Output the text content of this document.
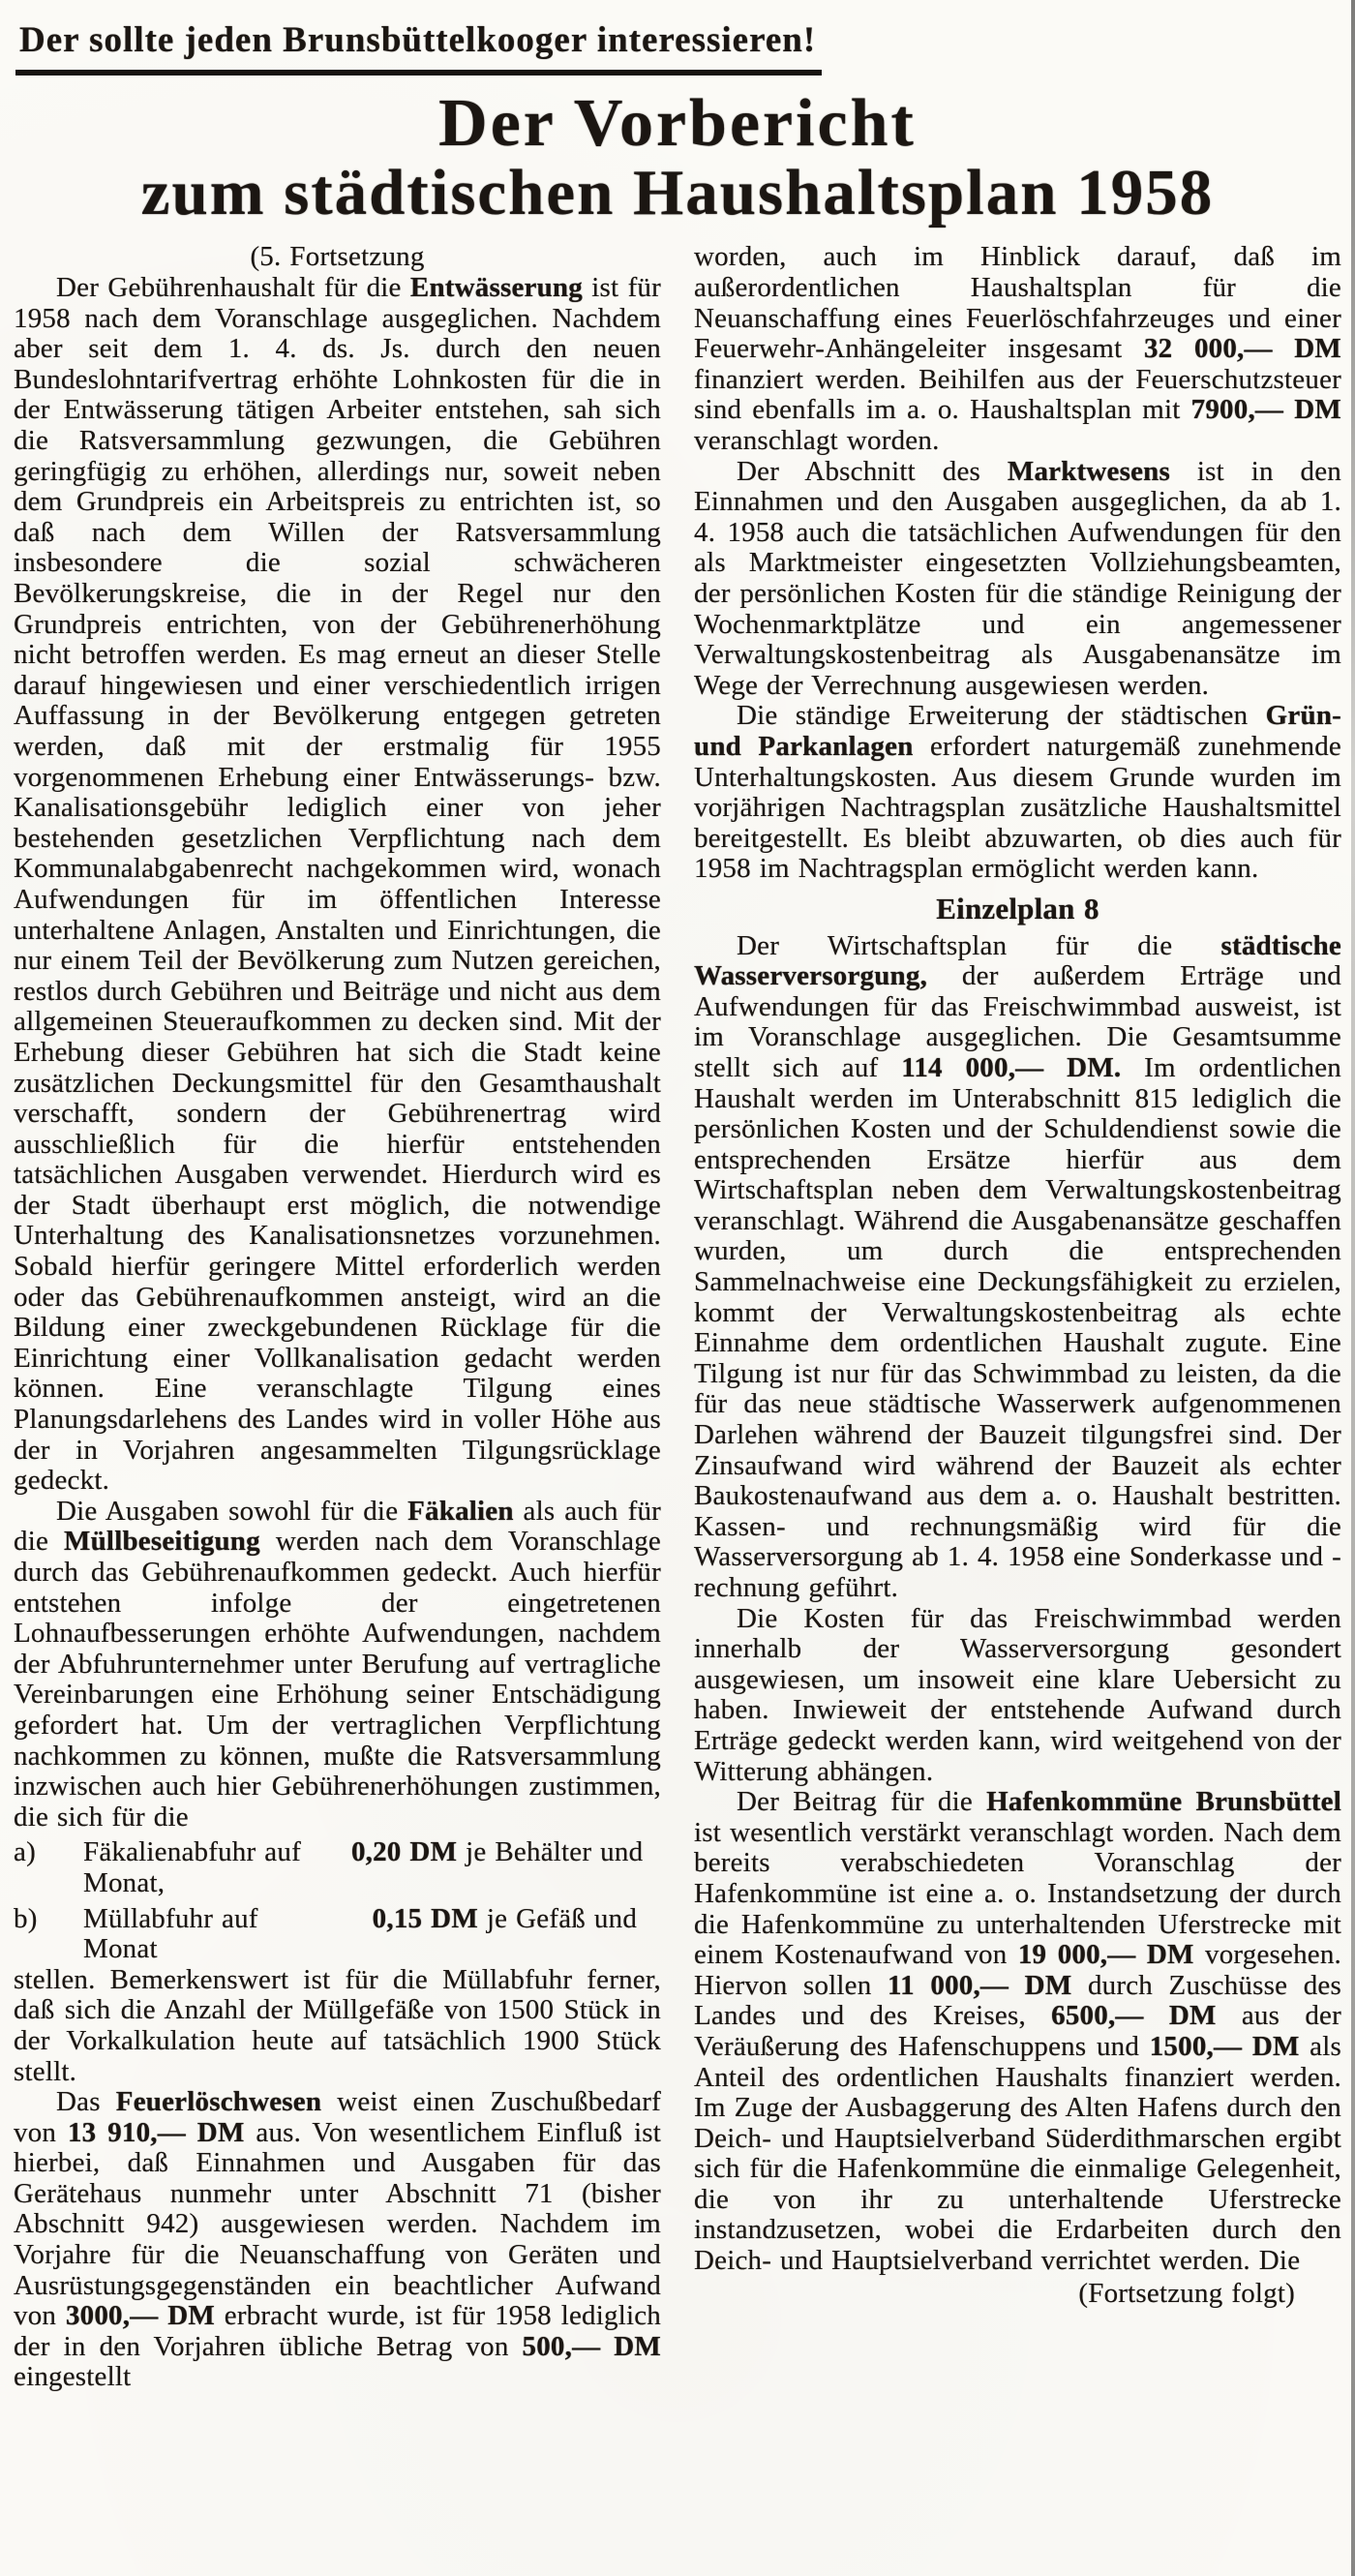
Der sollte jeden Brunsbüttelkooger interessieren!
Der Vorbericht
zum städtischen Haushaltsplan 1958

(5. Fortsetzung

Der Gebührenhaushalt für die Entwässerung ist für 1958 nach dem Voranschlage ausgeglichen. Nachdem aber seit dem 1. 4. ds. Js. durch den neuen Bundeslohntarifvertrag erhöhte Lohnkosten für die in der Entwässerung tätigen Arbeiter entstehen, sah sich die Ratsversammlung gezwungen, die Gebühren geringfügig zu erhöhen, allerdings nur, soweit neben dem Grundpreis ein Arbeitspreis zu entrichten ist, so daß nach dem Willen der Ratsversammlung insbesondere die sozial schwächeren Bevölkerungskreise, die in der Regel nur den Grundpreis entrichten, von der Gebührenerhöhung nicht betroffen werden. Es mag erneut an dieser Stelle darauf hingewiesen und einer verschiedentlich irrigen Auffassung in der Bevölkerung entgegen getreten werden, daß mit der erstmalig für 1955 vorgenommenen Erhebung einer Entwässerungs- bzw. Kanalisationsgebühr lediglich einer von jeher bestehenden gesetzlichen Verpflichtung nach dem Kommunalabgabenrecht nachgekommen wird, wonach Aufwendungen für im öffentlichen Interesse unterhaltene Anlagen, Anstalten und Einrichtungen, die nur einem Teil der Bevölkerung zum Nutzen gereichen, restlos durch Gebühren und Beiträge und nicht aus dem allgemeinen Steueraufkommen zu decken sind. Mit der Erhebung dieser Gebühren hat sich die Stadt keine zusätzlichen Deckungsmittel für den Gesamthaushalt verschafft, sondern der Gebührenertrag wird ausschließlich für die hierfür entstehenden tatsächlichen Ausgaben verwendet. Hierdurch wird es der Stadt überhaupt erst möglich, die notwendige Unterhaltung des Kanalisationsnetzes vorzunehmen. Sobald hierfür geringere Mittel erforderlich werden oder das Gebührenaufkommen ansteigt, wird an die Bildung einer zweckgebundenen Rücklage für die Einrichtung einer Vollkanalisation gedacht werden können. Eine veranschlagte Tilgung eines Planungsdarlehens des Landes wird in voller Höhe aus der in Vorjahren angesammelten Tilgungsrücklage gedeckt.

Die Ausgaben sowohl für die Fäkalien als auch für die Müllbeseitigung werden nach dem Voranschlage durch das Gebührenaufkommen gedeckt. Auch hierfür entstehen infolge der eingetretenen Lohnaufbesserungen erhöhte Aufwendungen, nachdem der Abfuhrunternehmer unter Berufung auf vertragliche Vereinbarungen eine Erhöhung seiner Entschädigung gefordert hat. Um der vertraglichen Verpflichtung nachkommen zu können, mußte die Ratsversammlung inzwischen auch hier Gebührenerhöhungen zustimmen, die sich für die

a) Fäkalienabfuhr auf 0,20 DM je Behälter und Monat,

b) Müllabfuhr auf	0,15 DM je Gefäß und Monat

stellen. Bemerkenswert ist für die Müllabfuhr ferner, daß sich die Anzahl der Müllgefäße von 1500 Stück in der Vorkalkulation heute auf tatsächlich 1900 Stück stellt.

Das Feuerlöschwesen weist einen Zuschußbedarf von 13 910,— DM aus. Von wesentlichem Einfluß ist hierbei, daß Einnahmen und Ausgaben für das Gerätehaus nunmehr unter Abschnitt 71 (bisher Abschnitt 942) ausgewiesen werden. Nachdem im Vorjahre für die Neuanschaffung von Geräten und Ausrüstungsgegenständen ein beachtlicher Aufwand von 3000,— DM erbracht wurde, ist für 1958 lediglich der in den Vorjahren übliche Betrag von 500,— DM eingestellt

worden, auch im Hinblick darauf, daß im außerordentlichen Haushaltsplan für die Neuanschaffung eines Feuerlöschfahrzeuges und einer Feuerwehr-Anhängeleiter insgesamt 32 000,— DM finanziert werden. Beihilfen aus der Feuerschutzsteuer sind ebenfalls im a. o. Haushaltsplan mit 7900,— DM veranschlagt worden.

Der Abschnitt des Marktwesens ist in den Einnahmen und den Ausgaben ausgeglichen, da ab 1. 4. 1958 auch die tatsächlichen Aufwendungen für den als Marktmeister eingesetzten Vollziehungsbeamten, der persönlichen Kosten für die ständige Reinigung der Wochenmarktplätze und ein angemessener Verwaltungskostenbeitrag als Ausgabenansätze im Wege der Verrechnung ausgewiesen werden.

Die ständige Erweiterung der städtischen Grün- und Parkanlagen erfordert naturgemäß zunehmende Unterhaltungskosten. Aus diesem Grunde wurden im vorjährigen Nachtragsplan zusätzliche Haushaltsmittel bereitgestellt. Es bleibt abzuwarten, ob dies auch für 1958 im Nachtragsplan ermöglicht werden kann.

Einzelplan 8

Der Wirtschaftsplan für die städtische Wasserversorgung, der außerdem Erträge und Aufwendungen für das Freischwimmbad ausweist, ist im Voranschlage ausgeglichen. Die Gesamtsumme stellt sich auf 114 000,— DM. Im ordentlichen Haushalt werden im Unterabschnitt 815 lediglich die persönlichen Kosten und der Schuldendienst sowie die entsprechenden Ersätze hierfür aus dem Wirtschaftsplan neben dem Verwaltungskostenbeitrag veranschlagt. Während die Ausgabenansätze geschaffen wurden, um durch die entsprechenden Sammelnachweise eine Deckungsfähigkeit zu erzielen, kommt der Verwaltungskostenbeitrag als echte Einnahme dem ordentlichen Haushalt zugute. Eine Tilgung ist nur für das Schwimmbad zu leisten, da die für das neue städtische Wasserwerk aufgenommenen Darlehen während der Bauzeit tilgungsfrei sind. Der Zinsaufwand wird während der Bauzeit als echter Baukostenaufwand aus dem a. o. Haushalt bestritten. Kassen- und rechnungsmäßig wird für die Wasserversorgung ab 1. 4. 1958 eine Sonderkasse und -rechnung geführt.

Die Kosten für das Freischwimmbad werden innerhalb der Wasserversorgung gesondert ausgewiesen, um insoweit eine klare Uebersicht zu haben. Inwieweit der entstehende Aufwand durch Erträge gedeckt werden kann, wird weitgehend von der Witterung abhängen.

Der Beitrag für die Hafenkommüne Brunsbüttel ist wesentlich verstärkt veranschlagt worden. Nach dem bereits verabschiedeten Voranschlag der Hafenkommüne ist eine a. o. Instandsetzung der durch die Hafenkommüne zu unterhaltenden Uferstrecke mit einem Kostenaufwand von 19 000,— DM vorgesehen. Hiervon sollen 11 000,— DM durch Zuschüsse des Landes und des Kreises, 6500,— DM aus der Veräußerung des Hafenschuppens und 1500,— DM als Anteil des ordentlichen Haushalts finanziert werden. Im Zuge der Ausbaggerung des Alten Hafens durch den Deich- und Hauptsielverband Süderdithmarschen ergibt sich für die Hafenkommüne die einmalige Gelegenheit, die von ihr zu unterhaltende Uferstrecke instandzusetzen, wobei die Erdarbeiten durch den Deich- und Hauptsielverband verrichtet werden. Die

(Fortsetzung folgt)
